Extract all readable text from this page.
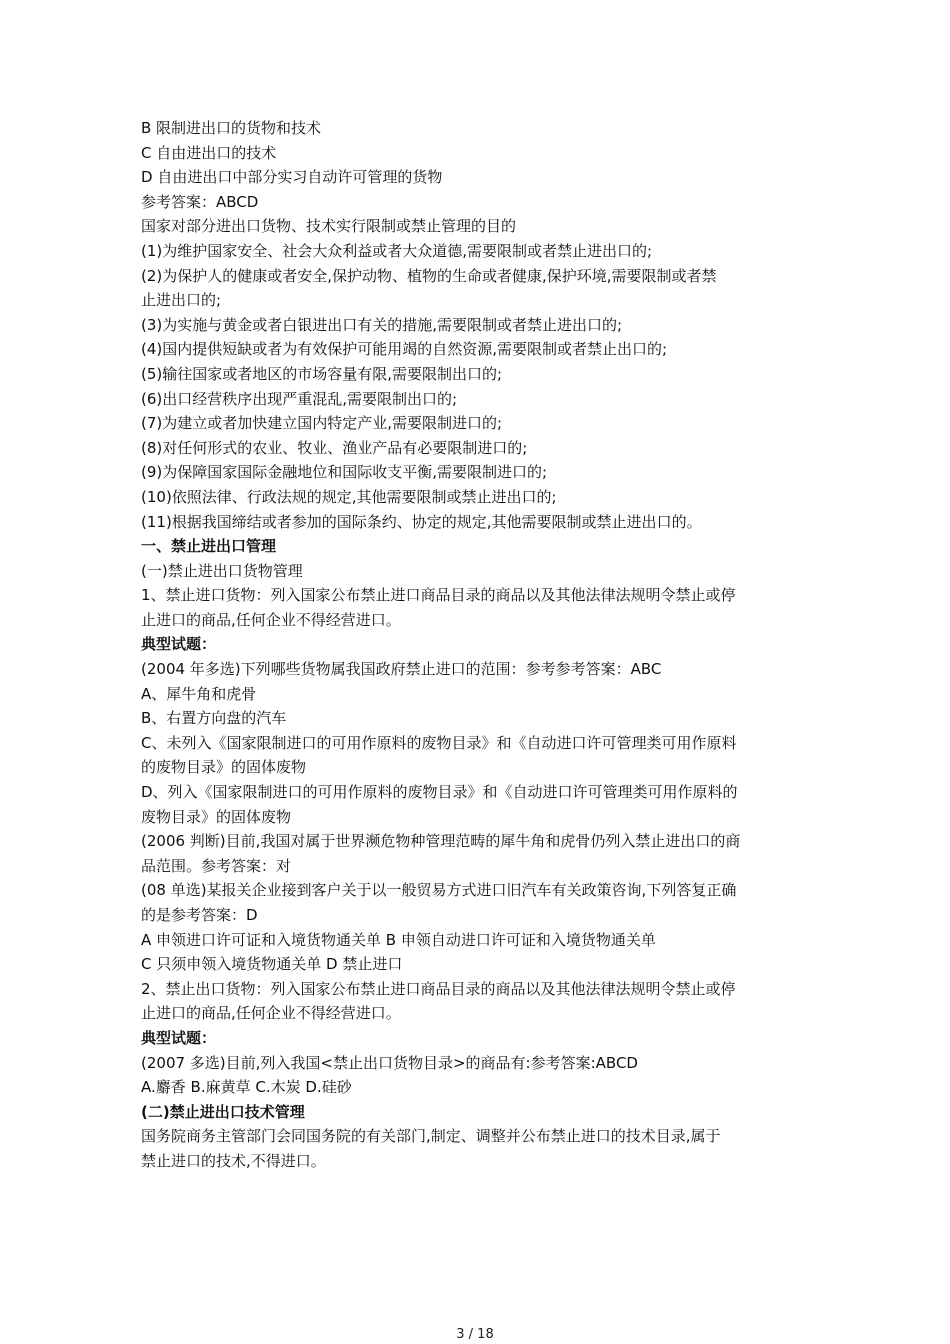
B 限制进出口的货物和技术
C 自由进出口的技术
D 自由进出口中部分实习自动许可管理的货物
参考答案：ABCD
国家对部分进出口货物、技术实行限制或禁止管理的目的
(1)为维护国家安全、社会大众利益或者大众道德,需要限制或者禁止进出口的;
(2)为保护人的健康或者安全,保护动物、植物的生命或者健康,保护环境,需要限制或者禁
止进出口的;
(3)为实施与黄金或者白银进出口有关的措施,需要限制或者禁止进出口的;
(4)国内提供短缺或者为有效保护可能用竭的自然资源,需要限制或者禁止出口的;
(5)输往国家或者地区的市场容量有限,需要限制出口的;
(6)出口经营秩序出现严重混乱,需要限制出口的;
(7)为建立或者加快建立国内特定产业,需要限制进口的;
(8)对任何形式的农业、牧业、渔业产品有必要限制进口的;
(9)为保障国家国际金融地位和国际收支平衡,需要限制进口的;
(10)依照法律、行政法规的规定,其他需要限制或禁止进出口的;
(11)根据我国缔结或者参加的国际条约、协定的规定,其他需要限制或禁止进出口的。
一、禁止进出口管理
(一)禁止进出口货物管理
1、禁止进口货物：列入国家公布禁止进口商品目录的商品以及其他法律法规明令禁止或停
止进口的商品,任何企业不得经营进口。
典型试题：
(2004 年多选)下列哪些货物属我国政府禁止进口的范围：参考参考答案：ABC
A、犀牛角和虎骨
B、右置方向盘的汽车
C、未列入《国家限制进口的可用作原料的废物目录》和《自动进口许可管理类可用作原料
的废物目录》的固体废物
D、列入《国家限制进口的可用作原料的废物目录》和《自动进口许可管理类可用作原料的
废物目录》的固体废物
(2006 判断)目前,我国对属于世界濒危物种管理范畴的犀牛角和虎骨仍列入禁止进出口的商
品范围。参考答案：对
(08 单选)某报关企业接到客户关于以一般贸易方式进口旧汽车有关政策咨询,下列答复正确
的是参考答案：D
A 申领进口许可证和入境货物通关单 B 申领自动进口许可证和入境货物通关单
C 只须申领入境货物通关单 D 禁止进口
2、禁止出口货物：列入国家公布禁止进口商品目录的商品以及其他法律法规明令禁止或停
止进口的商品,任何企业不得经营进口。
典型试题：
(2007 多选)目前,列入我国<禁止出口货物目录>的商品有:参考答案:ABCD
A.麝香 B.麻黄草 C.木炭 D.硅砂
(二)禁止进出口技术管理
国务院商务主管部门会同国务院的有关部门,制定、调整并公布禁止进口的技术目录,属于
禁止进口的技术,不得进口。
3 / 18
